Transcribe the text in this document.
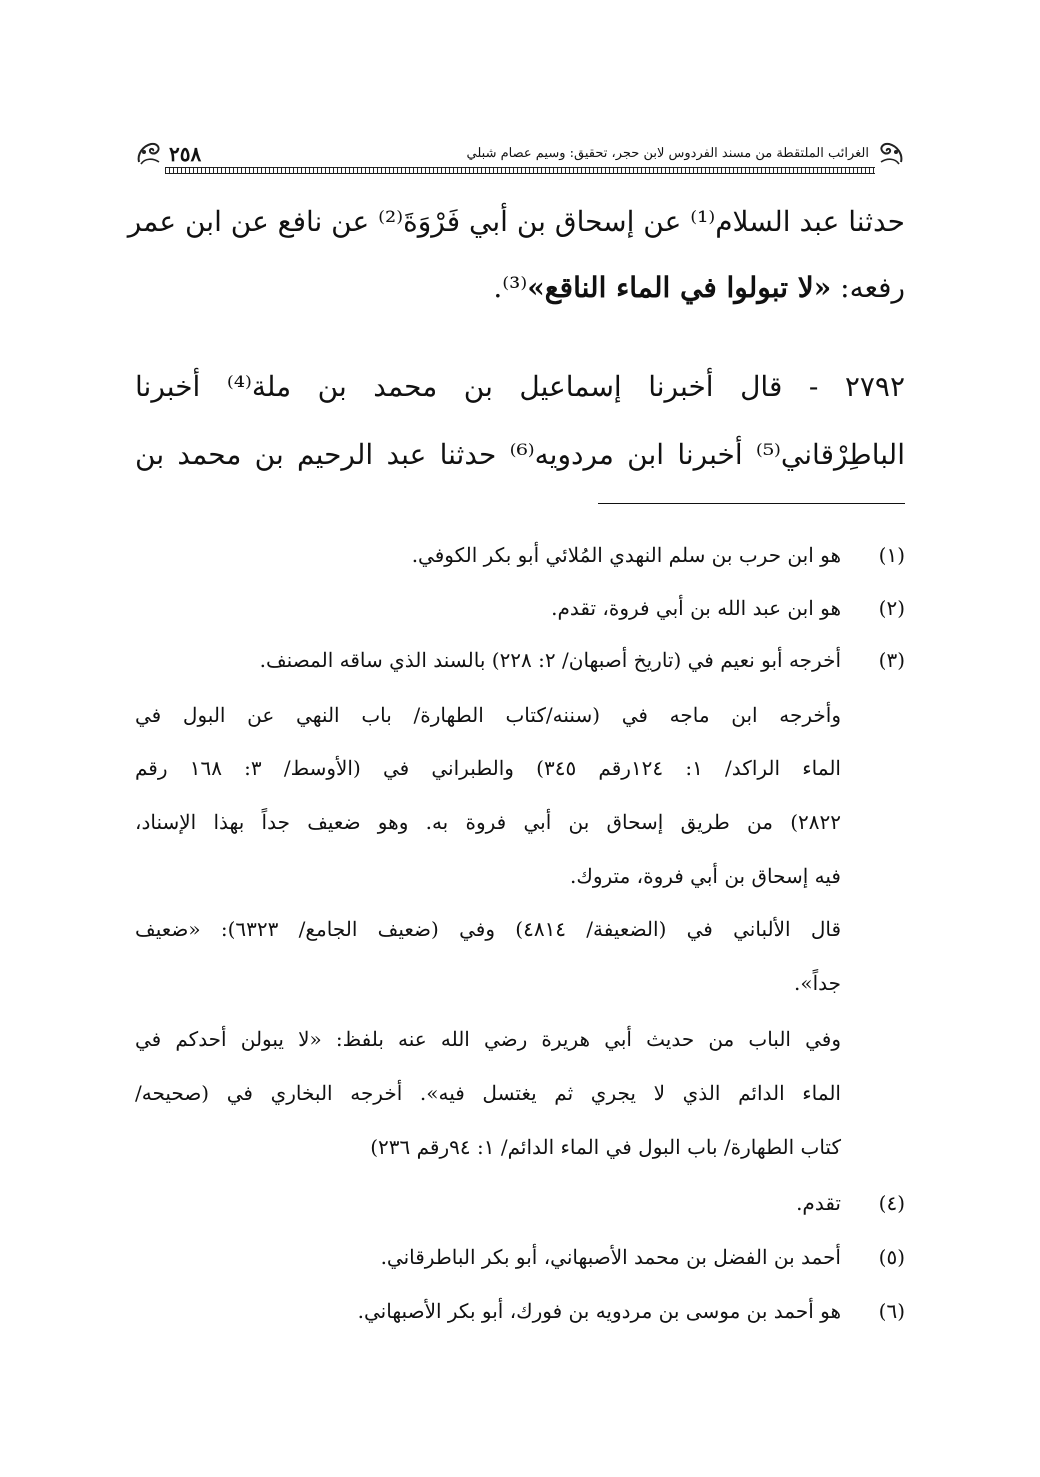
٢٥٨	الغرائب الملتقطة من مسند الفردوس لابن حجر، تحقيق: وسيم عصام شبلي
حدثنا عبد السلام⁽¹⁾ عن إسحاق بن أبي فَرْوَةَ⁽²⁾ عن نافع عن ابن عمر
رفعه: «لا تبولوا في الماء الناقع»⁽³⁾.
٢٧٩٢ - قال أخبرنا إسماعيل بن محمد بن ملة⁽⁴⁾ أخبرنا
الباطِرْقاني⁽⁵⁾ أخبرنا ابن مردويه⁽⁶⁾ حدثنا عبد الرحيم بن محمد بن
(١)
هو ابن حرب بن سلم النهدي المُلائي أبو بكر الكوفي.
(٢)
هو ابن عبد الله بن أبي فروة، تقدم.
(٣)
أخرجه أبو نعيم في (تاريخ أصبهان/ ٢: ٢٢٨) بالسند الذي ساقه المصنف.
وأخرجه ابن ماجه في (سننه/كتاب الطهارة/ باب النهي عن البول في
الماء الراكد/ ١: ١٢٤رقم ٣٤٥) والطبراني في (الأوسط/ ٣: ١٦٨ رقم
٢٨٢٢) من طريق إسحاق بن أبي فروة به. وهو ضعيف جداً بهذا الإسناد،
فيه إسحاق بن أبي فروة، متروك.
قال الألباني في (الضعيفة/ ٤٨١٤) وفي (ضعيف الجامع/ ٦٣٢٣): «ضعيف
جداً».
وفي الباب من حديث أبي هريرة رضي الله عنه بلفظ: «لا يبولن أحدكم في
الماء الدائم الذي لا يجري ثم يغتسل فيه». أخرجه البخاري في (صحيحه/
كتاب الطهارة/ باب البول في الماء الدائم/ ١: ٩٤رقم ٢٣٦)
(٤)
تقدم.
(٥)
أحمد بن الفضل بن محمد الأصبهاني، أبو بكر الباطرقاني.
(٦)
هو أحمد بن موسى بن مردويه بن فورك، أبو بكر الأصبهاني.
